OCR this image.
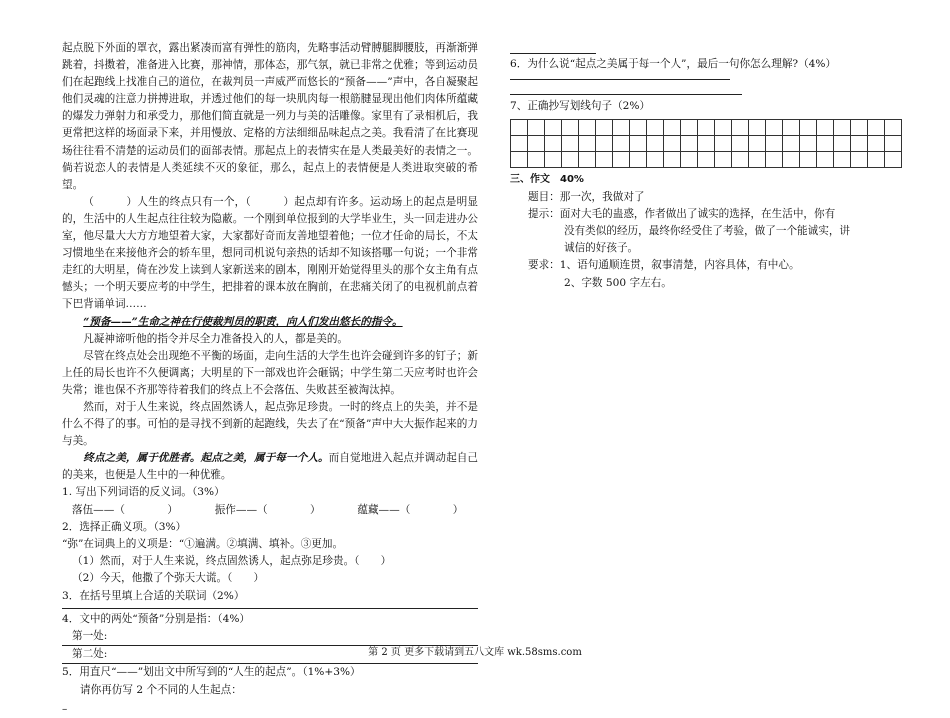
起点脱下外面的罩衣，露出紧凑而富有弹性的筋肉，先略事活动臂膊腿脚腰肢，再渐渐弹跳着，抖擞着，准备进入比赛，那神情，那体态，那气氛，就已非常之优雅；等到运动员们在起跑线上找准自己的道位，在裁判员一声威严而悠长的“预备——”声中，各自凝聚起他们灵魂的注意力拼搏进取，并透过他们的每一块肌肉每一根筋腱显现出他们肉体所蕴藏的爆发力弹射力和承受力，那他们简直就是一列力与美的活雕像。家里有了录相机后，我更常把这样的场面录下来，并用慢放、定格的方法细细品味起点之美。我看清了在比赛现场往往看不清楚的运动员们的面部表情。那起点上的表情实在是人类最美好的表情之一。倘若说恋人的表情是人类延续不灭的象征，那么，起点上的表情便是人类进取突破的希望。

（　　　）人生的终点只有一个，（　　　）起点却有许多。运动场上的起点是明显的，生活中的人生起点往往较为隐蔽。一个刚到单位报到的大学毕业生，头一回走进办公室，他尽量大大方方地望着大家，大家都好奇而友善地望着他；一位才任命的局长，不太习惯地坐在来接他齐会的轿车里，想同司机说句亲热的话却不知该搭哪一句说；一个非常走红的大明星，倚在沙发上读到人家新送来的剧本，刚刚开始觉得里头的那个女主角有点憾头；一个明天要应考的中学生，把排着的课本放在胸前，在悲痛关闭了的电视机前点着下巴背诵单词……

“预备——”生命之神在行使裁判员的职责，向人们发出悠长的指令。

凡凝神谛听他的指令并尽全力准备投入的人，都是美的。

尽管在终点处会出现绝不平衡的场面，走向生活的大学生也许会碰到许多的钉子；新上任的局长也许不久便调离；大明星的下一部戏也许会砸锅；中学生第二天应考时也许会失常；谁也保不齐那等待着我们的终点上不会落伍、失败甚至被淘汰掉。

然而，对于人生来说，终点固然诱人，起点弥足珍贵。一时的终点上的失美，并不是什么不得了的事。可怕的是寻找不到新的起跑线，失去了在“预备”声中大大振作起来的力与美。

终点之美，属于优胜者。起点之美，属于每一个人。而自觉地进入起点并调动起自己的美来，也便是人生中的一种优雅。

1. 写出下列词语的反义词。（3%）
落伍——（　　　　）	振作——（　　　　）	蕴藏——（　　　　）
2．选择正确义项。（3%）
“弥”在词典上的义项是：“①遍满。②填满、填补。③更加。
（1）然而，对于人生来说，终点固然诱人，起点弥足珍贵。（　　）
（2）今天，他撒了个弥天大谎。（　　）
3．在括号里填上合适的关联词（2%）
4．文中的两处“预备”分别是指：（4%）
第一处:
第二处:
5．用直尺“——”划出文中所写到的“人生的起点”。（1%+3%）
请你再仿写 2 个不同的人生起点：
–
6．为什么说“起点之美属于每一个人”，最后一句你怎么理解?（4%）
7、正确抄写划线句子（2%）

三、作文　40%
题目：那一次，我做对了
提示：面对大毛的蛊惑，作者做出了诚实的选择，在生活中，你有
没有类似的经历，最终你经受住了考验，做了一个能诚实，讲
诚信的好孩子。
要求：1、语句通顺连贯，叙事清楚，内容具体，有中心。
2、字数 500 字左右。
第 2 页 更多下载请到五八文库 wk.58sms.com
